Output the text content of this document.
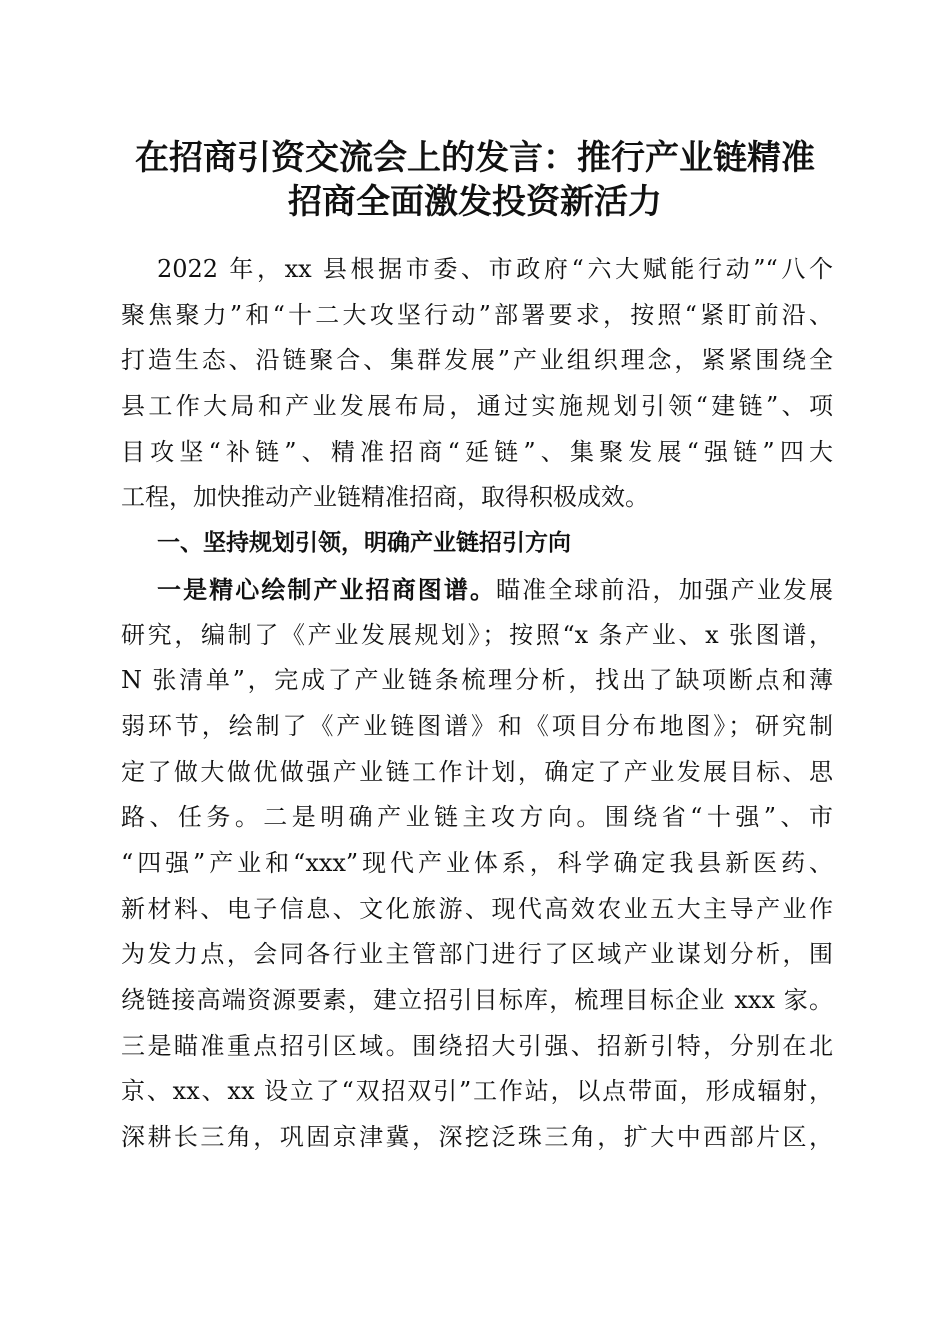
在招商引资交流会上的发言：推行产业链精准
招商全面激发投资新活力
2022 年，xx 县根据市委、市政府“六大赋能行动”“八个
聚焦聚力”和“十二大攻坚行动”部署要求，按照“紧盯前沿、
打造生态、沿链聚合、集群发展”产业组织理念，紧紧围绕全
县工作大局和产业发展布局，通过实施规划引领“建链”、项
目攻坚“补链”、精准招商“延链”、集聚发展“强链”四大
工程，加快推动产业链精准招商，取得积极成效。
一、坚持规划引领，明确产业链招引方向
一是精心绘制产业招商图谱。瞄准全球前沿，加强产业发展
研究，编制了《产业发展规划》；按照“x 条产业、x 张图谱，
N 张清单”，完成了产业链条梳理分析，找出了缺项断点和薄
弱环节，绘制了《产业链图谱》和《项目分布地图》；研究制
定了做大做优做强产业链工作计划，确定了产业发展目标、思
路、任务。二是明确产业链主攻方向。围绕省“十强”、市
“四强”产业和“xxx”现代产业体系，科学确定我县新医药、
新材料、电子信息、文化旅游、现代高效农业五大主导产业作
为发力点，会同各行业主管部门进行了区域产业谋划分析，围
绕链接高端资源要素，建立招引目标库，梳理目标企业 xxx 家。
三是瞄准重点招引区域。围绕招大引强、招新引特，分别在北
京、xx、xx 设立了“双招双引”工作站，以点带面，形成辐射，
深耕长三角，巩固京津冀，深挖泛珠三角，扩大中西部片区，
